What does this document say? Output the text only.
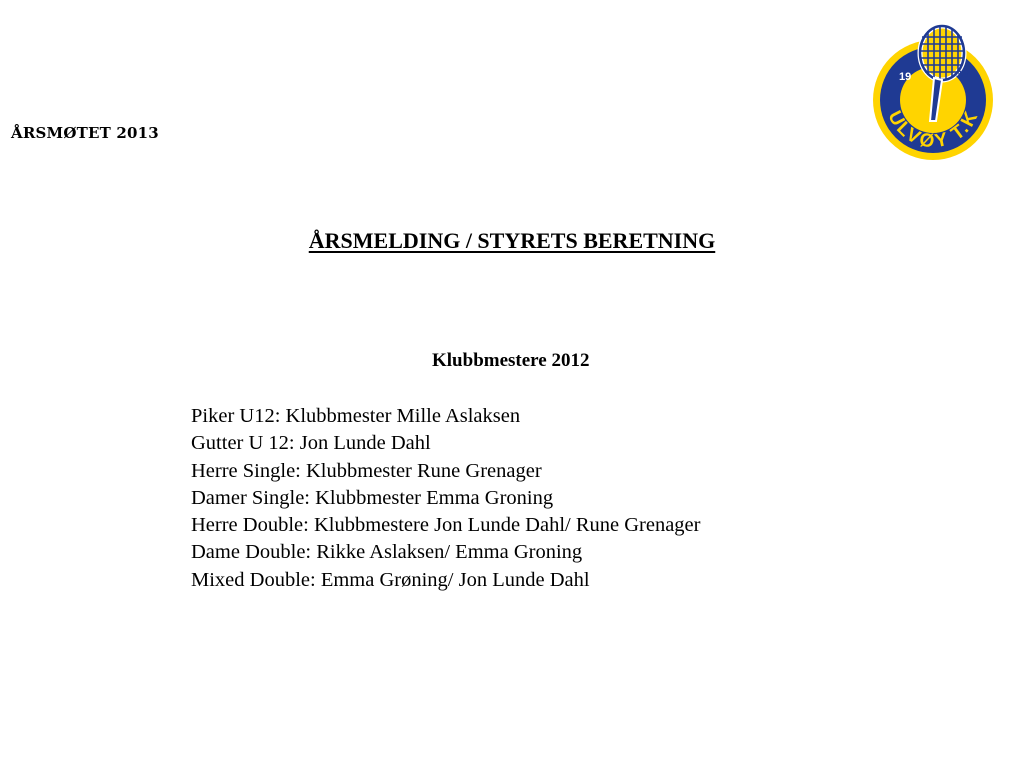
ÅRSMØTET 2013
ÅRSMELDING / STYRETS BERETNING
Klubbmestere 2012
Piker U12: Klubbmester Mille Aslaksen
Gutter U 12: Jon Lunde Dahl
Herre Single: Klubbmester Rune Grenager
Damer Single: Klubbmester Emma Groning
Herre Double: Klubbmestere Jon Lunde Dahl/ Rune Grenager
Dame Double: Rikke Aslaksen/ Emma Groning
Mixed Double: Emma Grøning/ Jon Lunde Dahl
19	38
ULVØY T.K
